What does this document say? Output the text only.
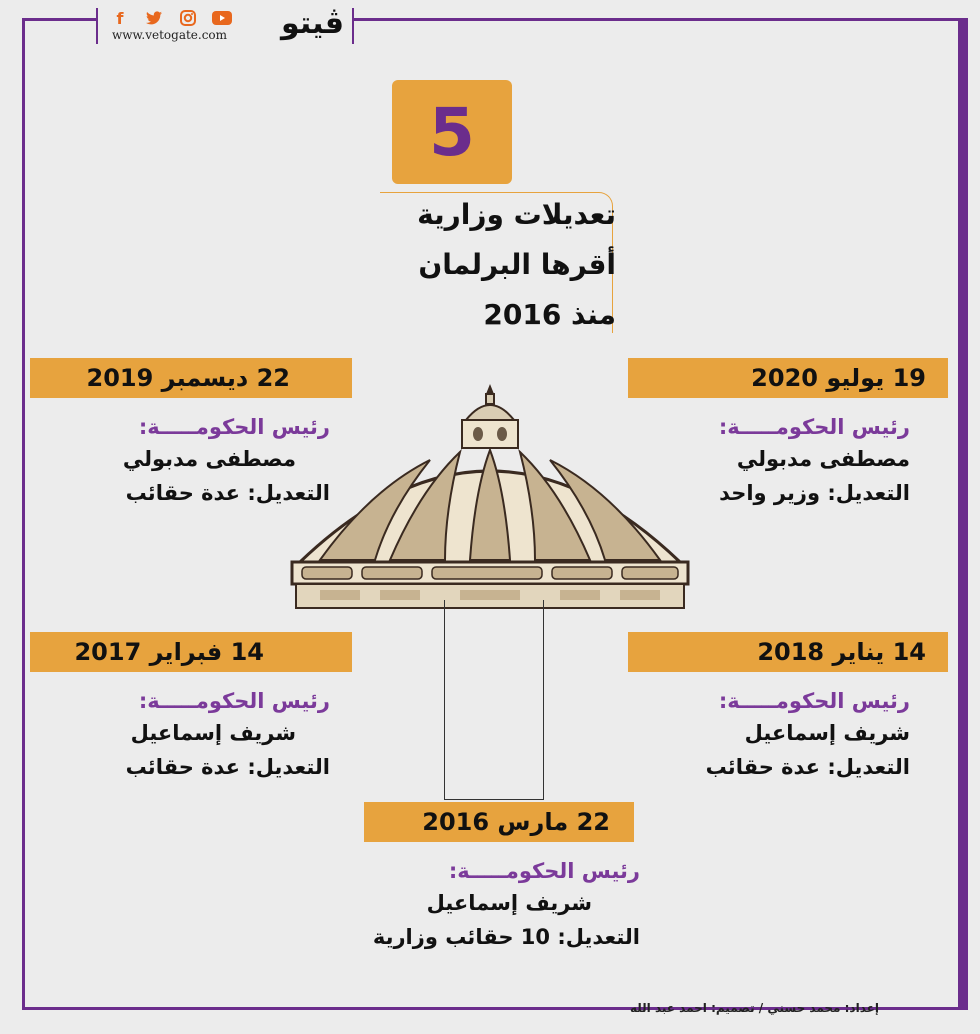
f
www.vetogate.com	ڤيتو
5
تعديلات وزارية
أقرها البرلمان
منذ 2016
19 يوليو 2020
رئيس الحكومـــــة:
مصطفى مدبولي
التعديل: وزير واحد
22 ديسمبر 2019
رئيس الحكومـــــة:
مصطفى مدبولي
التعديل: عدة حقائب
14 يناير 2018
رئيس الحكومـــــة:
شريف إسماعيل
التعديل: عدة حقائب
14 فبراير 2017
رئيس الحكومـــــة:
شريف إسماعيل
التعديل: عدة حقائب
22 مارس 2016
رئيس الحكومـــــة:
شريف إسماعيل
التعديل: 10 حقائب وزارية
إعداد: محمد حسني / تصميم: احمد عبد الله
